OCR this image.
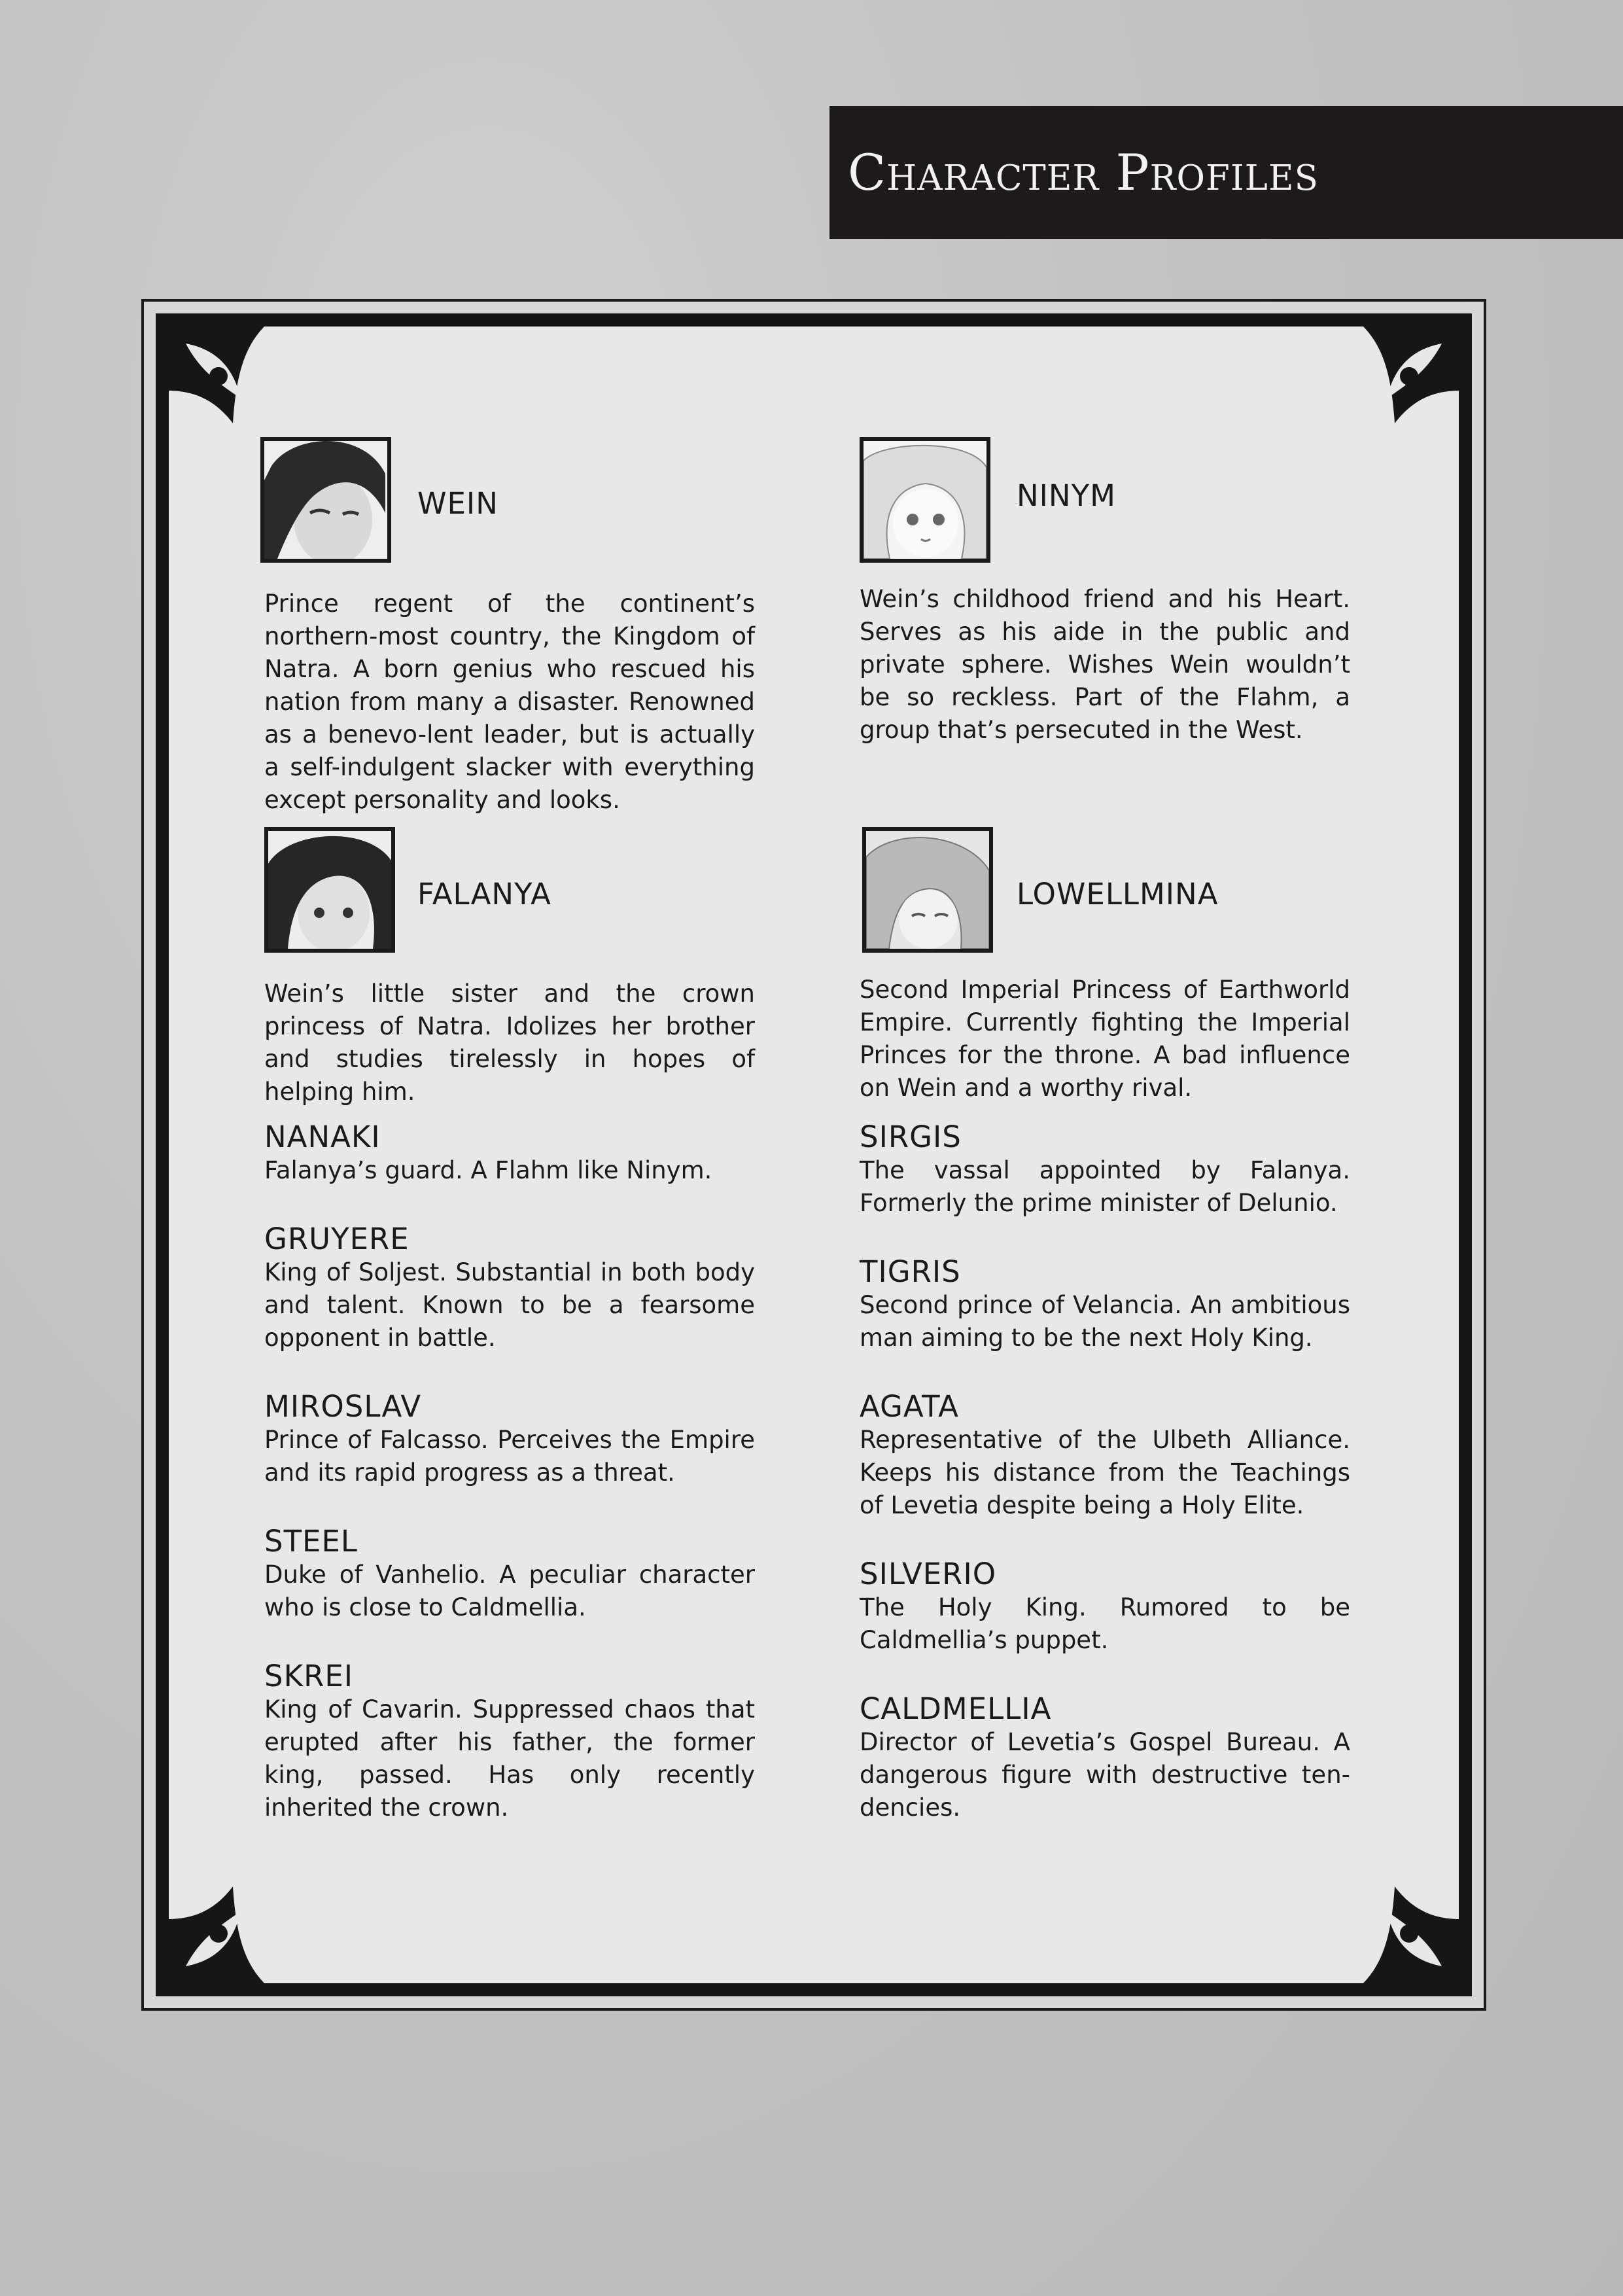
Character Profiles
WEIN

Prince regent of the continent’s northern-most country, the Kingdom of Natra. A born genius who rescued his nation from many a disaster. Renowned as a benevo-lent leader, but is actually a self-indulgent slacker with everything except personality and looks.

NINYM

Wein’s childhood friend and his Heart. Serves as his aide in the public and private sphere. Wishes Wein wouldn’t be so reckless. Part of the Flahm, a group that’s persecuted in the West.

FALANYA

Wein’s little sister and the crown princess of Natra. Idolizes her brother and studies tirelessly in hopes of helping him.

LOWELLMINA

Second Imperial Princess of Earthworld Empire. Currently fighting the Imperial Princes for the throne. A bad influence on Wein and a worthy rival.

NANAKI
Falanya’s guard. A Flahm like Ninym.
GRUYERE
King of Soljest. Substantial in both body and talent. Known to be a fearsome opponent in battle.
MIROSLAV
Prince of Falcasso. Perceives the Empire and its rapid progress as a threat.
STEEL
Duke of Vanhelio. A peculiar character who is close to Caldmellia.
SKREI
King of Cavarin. Suppressed chaos that erupted after his father, the former king, passed. Has only recently inherited the crown.
SIRGIS
The vassal appointed by Falanya. Formerly the prime minister of Delunio.
TIGRIS
Second prince of Velancia. An ambitious man aiming to be the next Holy King.
AGATA
Representative of the Ulbeth Alliance. Keeps his distance from the Teachings of Levetia despite being a Holy Elite.
SILVERIO
The Holy King. Rumored to be Caldmellia’s puppet.
CALDMELLIA
Director of Levetia’s Gospel Bureau. A dangerous figure with destructive ten-dencies.
